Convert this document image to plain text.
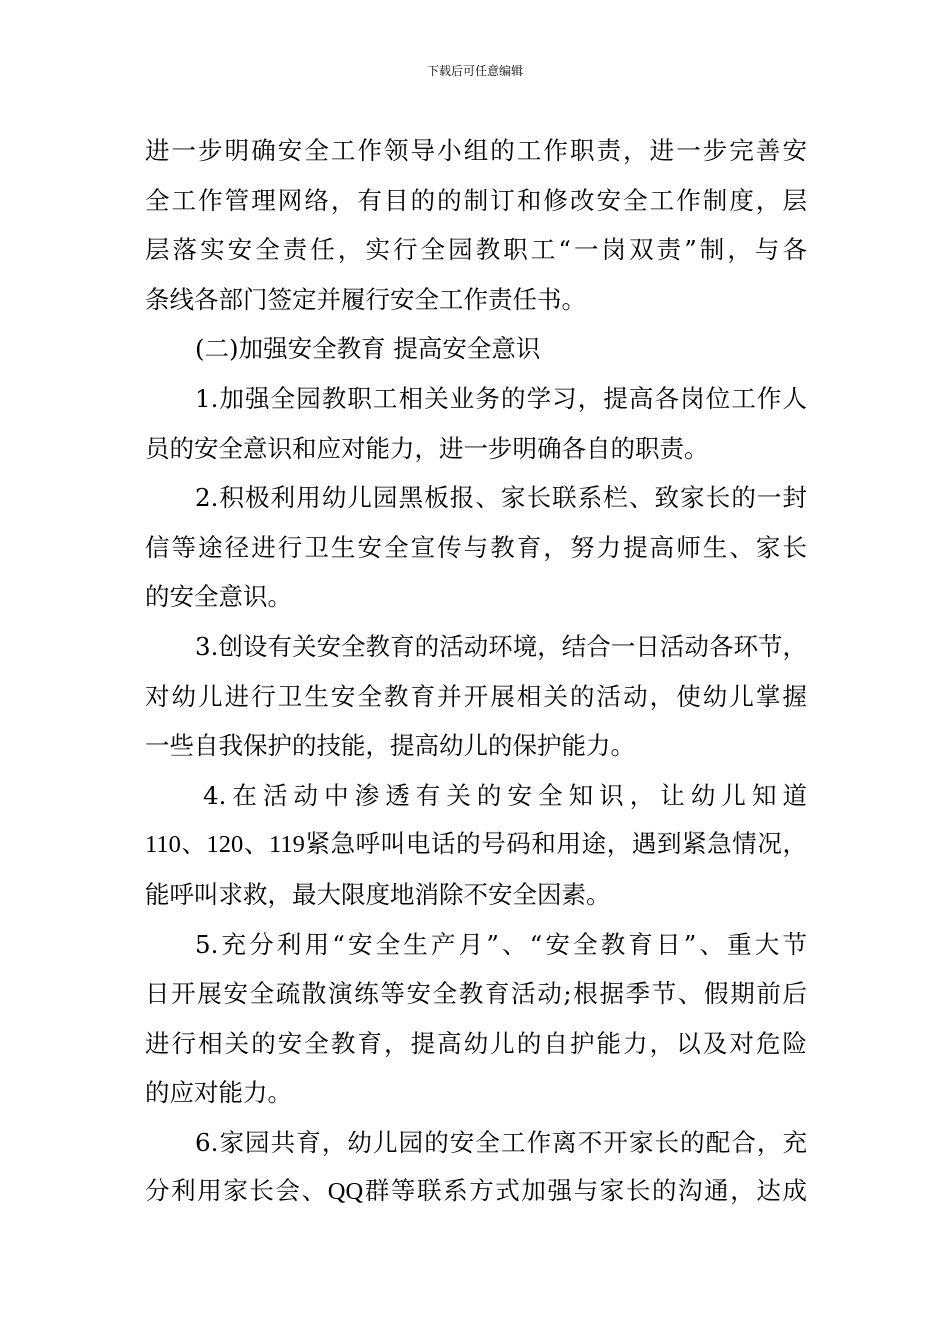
下载后可任意编辑
进一步明确安全工作领导小组的工作职责，进一步完善安
全工作管理网络，有目的的制订和修改安全工作制度，层
层落实安全责任，实行全园教职工“一岗双责”制，与各
条线各部门签定并履行安全工作责任书。
(二)加强安全教育 提高安全意识
1.加强全园教职工相关业务的学习，提高各岗位工作人
员的安全意识和应对能力，进一步明确各自的职责。
2.积极利用幼儿园黑板报、家长联系栏、致家长的一封
信等途径进行卫生安全宣传与教育，努力提高师生、家长
的安全意识。
3.创设有关安全教育的活动环境，结合一日活动各环节，
对幼儿进行卫生安全教育并开展相关的活动，使幼儿掌握
一些自我保护的技能，提高幼儿的保护能力。
4.在活动中渗透有关的安全知识，让幼儿知道
110、120、119紧急呼叫电话的号码和用途，遇到紧急情况，
能呼叫求救，最大限度地消除不安全因素。
5.充分利用“安全生产月”、“安全教育日”、重大节
日开展安全疏散演练等安全教育活动;根据季节、假期前后
进行相关的安全教育，提高幼儿的自护能力，以及对危险
的应对能力。
6.家园共育，幼儿园的安全工作离不开家长的配合，充
分利用家长会、QQ群等联系方式加强与家长的沟通，达成
